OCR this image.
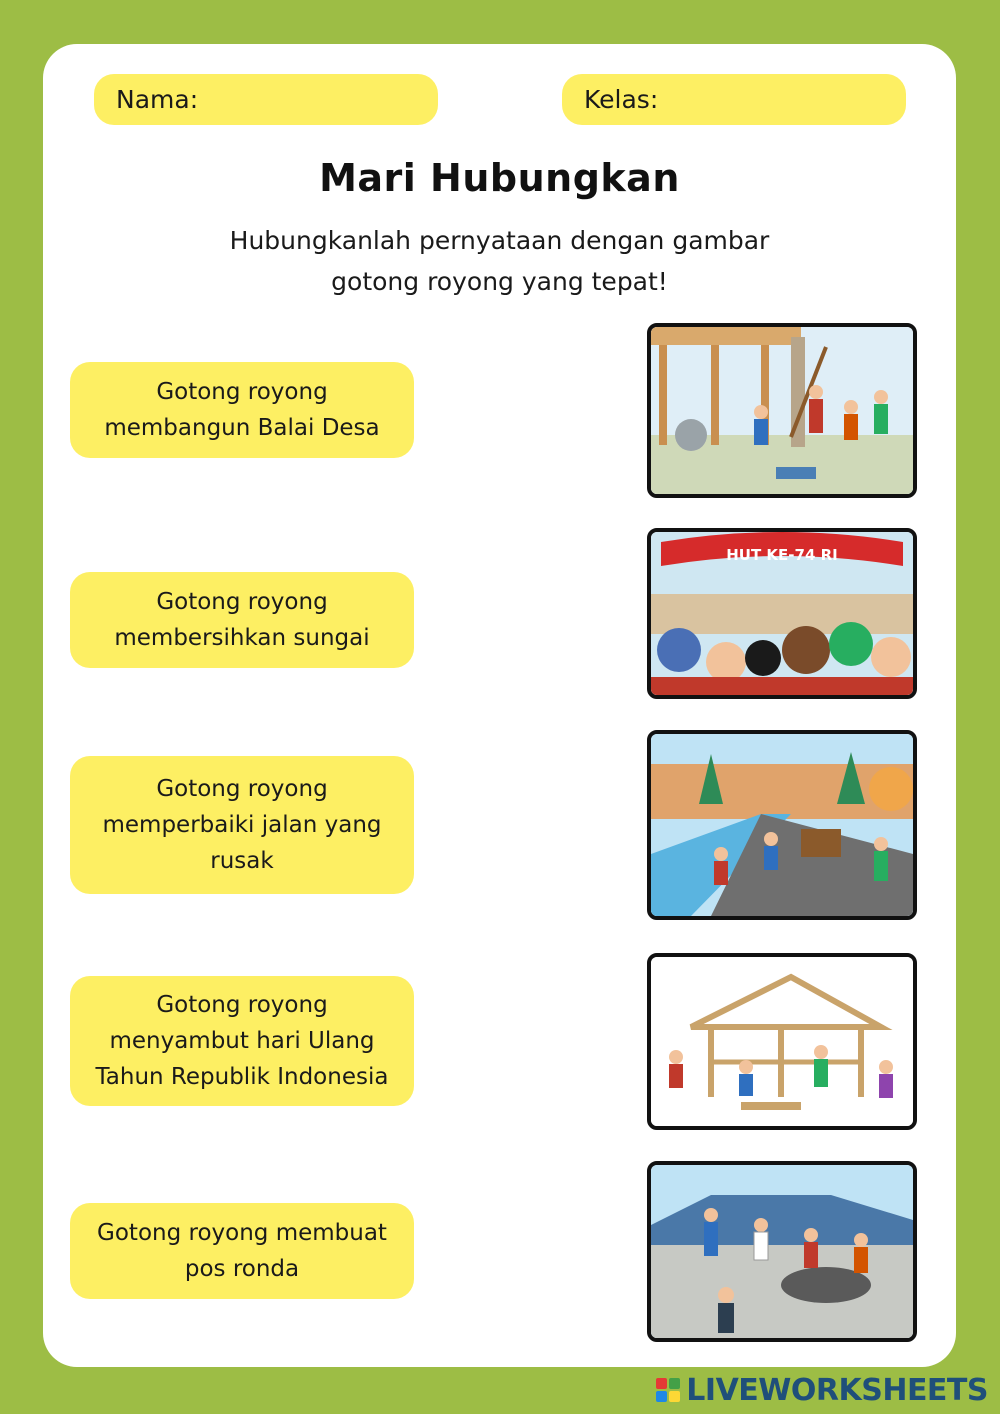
Nama:	Kelas:
Mari Hubungkan
Hubungkanlah pernyataan dengan gambar
gotong royong yang tepat!
Gotong royong
membangun Balai Desa
Gotong royong
membersihkan sungai
Gotong royong
memperbaiki jalan yang
rusak
Gotong royong
menyambut hari Ulang
Tahun Republik Indonesia
Gotong royong membuat
pos ronda
HUT KE-74 RI
LIVEWORKSHEETS
